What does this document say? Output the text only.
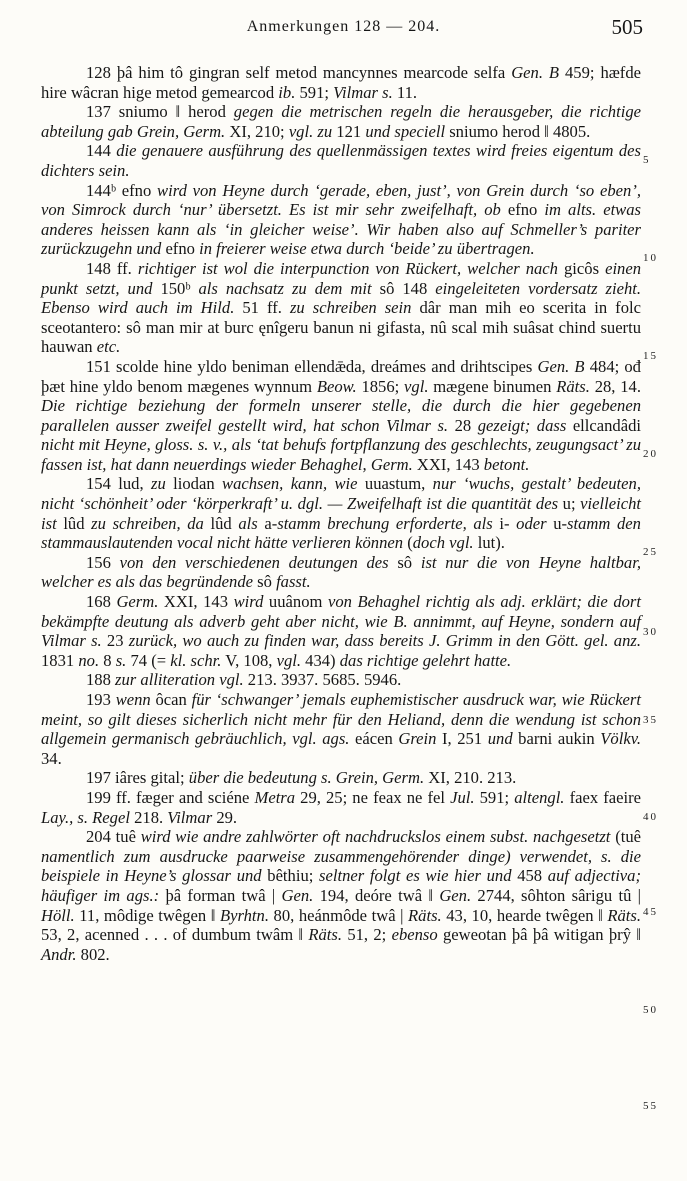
Anmerkungen 128 — 204.	505

128 þâ him tô gingran self metod mancynnes mearcode selfa Gen. B 459; hæfde hire wâcran hige metod gemearcod ib. 591; Vilmar s. 11.

137 sniumo ‖ herod gegen die metrischen regeln die herausgeber, die richtige abteilung gab Grein, Germ. XI, 210; vgl. zu 121 und speciell sniumo herod ‖ 4805.

144 die genauere ausführung des quellenmässigen textes wird freies eigentum des dichters sein.

144ᵇ efno wird von Heyne durch ‘gerade, eben, just’, von Grein durch ‘so eben’, von Simrock durch ‘nur’ übersetzt. Es ist mir sehr zweifelhaft, ob efno im alts. etwas anderes heissen kann als ‘in gleicher weise’. Wir haben also auf Schmeller’s pariter zurückzugehn und efno in freierer weise etwa durch ‘beide’ zu übertragen.

148 ff. richtiger ist wol die interpunction von Rückert, welcher nach gicôs einen punkt setzt, und 150ᵇ als nachsatz zu dem mit sô 148 eingeleiteten vordersatz zieht. Ebenso wird auch im Hild. 51 ff. zu schreiben sein dâr man mih eo scerita in folc sceotantero: sô man mir at burc ęnîgeru banun ni gifasta, nû scal mih suâsat chind suertu hauwan etc.

151 scolde hine yldo beniman ellendǣda, dreámes and drihtscipes Gen. B 484; ođ þæt hine yldo benom mægenes wynnum Beow. 1856; vgl. mægene binumen Räts. 28, 14. Die richtige beziehung der formeln unserer stelle, die durch die hier gegebenen parallelen ausser zweifel gestellt wird, hat schon Vilmar s. 28 gezeigt; dass ellcandâdi nicht mit Heyne, gloss. s. v., als ‘tat behufs fortpflanzung des geschlechts, zeugungsact’ zu fassen ist, hat dann neuerdings wieder Behaghel, Germ. XXI, 143 betont.

154 lud, zu liodan wachsen, kann, wie uuastum, nur ‘wuchs, gestalt’ bedeuten, nicht ‘schönheit’ oder ‘körperkraft’ u. dgl. — Zweifelhaft ist die quantität des u; vielleicht ist lûd zu schreiben, da lûd als a-stamm brechung erforderte, als i- oder u-stamm den stammauslautenden vocal nicht hätte verlieren können (doch vgl. lut).

156 von den verschiedenen deutungen des sô ist nur die von Heyne haltbar, welcher es als das begründende sô fasst.

168 Germ. XXI, 143 wird uuânom von Behaghel richtig als adj. erklärt; die dort bekämpfte deutung als adverb geht aber nicht, wie B. annimmt, auf Heyne, sondern auf Vilmar s. 23 zurück, wo auch zu finden war, dass bereits J. Grimm in den Gött. gel. anz. 1831 no. 8 s. 74 (= kl. schr. V, 108, vgl. 434) das richtige gelehrt hatte.

188 zur alliteration vgl. 213. 3937. 5685. 5946.

193 wenn ôcan für ‘schwanger’ jemals euphemistischer ausdruck war, wie Rückert meint, so gilt dieses sicherlich nicht mehr für den Heliand, denn die wendung ist schon allgemein germanisch gebräuchlich, vgl. ags. eácen Grein I, 251 und barni aukin Völkv. 34.

197 iâres gital; über die bedeutung s. Grein, Germ. XI, 210. 213.

199 ff. fæger and sciéne Metra 29, 25; ne feax ne fel Jul. 591; altengl. faex faeire Lay., s. Regel 218. Vilmar 29.

204 tuê wird wie andre zahlwörter oft nachdruckslos einem subst. nachgesetzt (tuê namentlich zum ausdrucke paarweise zusammengehörender dinge) verwendet, s. die beispiele in Heyne’s glossar und bêthiu; seltner folgt es wie hier und 458 auf adjectiva; häufiger im ags.: þâ forman twâ | Gen. 194, deóre twâ ‖ Gen. 2744, sôhton sârigu tû | Höll. 11, môdige twêgen ‖ Byrhtn. 80, heánmôde twâ | Räts. 43, 10, hearde twêgen ‖ Räts. 53, 2, acenned . . . of dumbum twâm ‖ Räts. 51, 2; ebenso geweotan þâ þâ witigan þrŷ ‖ Andr. 802.

5
10
15
20
25
30
35
40
45
50
55
